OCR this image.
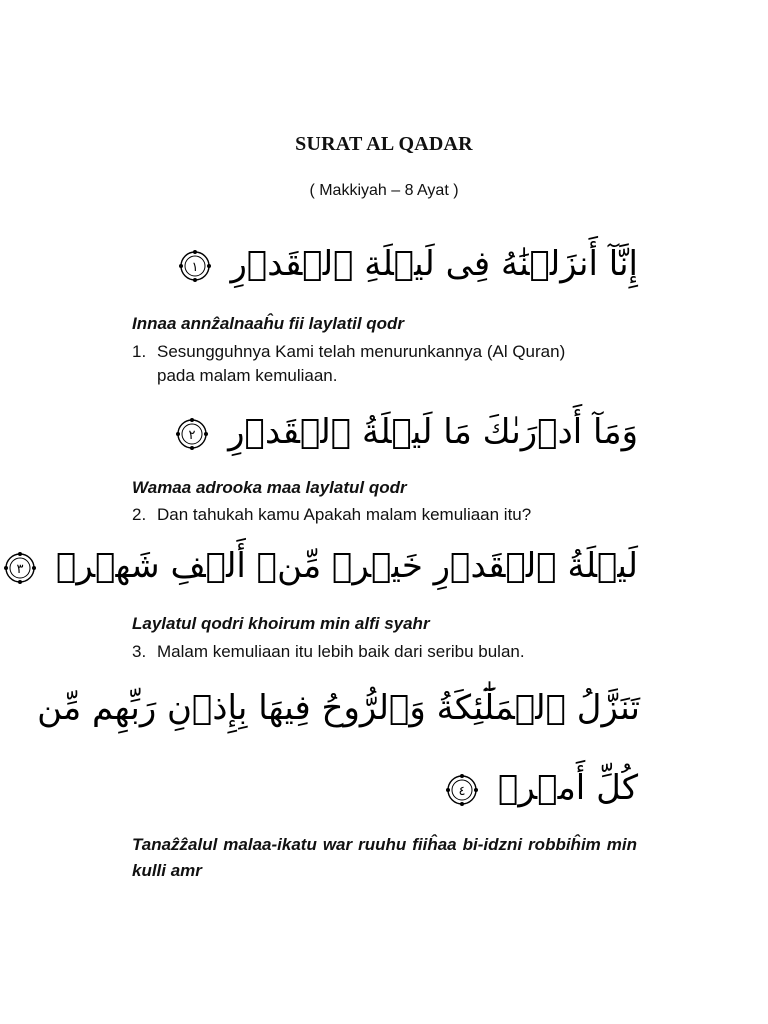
SURAT AL QADAR
( Makkiyah – 8 Ayat )
إِنَّآ أَنزَلۡنَٰهُ فِى لَيۡلَةِ ٱلۡقَدۡرِ
١
Innaa annẑalnaaĥu fii laylatil qodr
1. Sesungguhnya Kami telah menurunkannya (Al Quran)
pada malam kemuliaan.
وَمَآ أَدۡرَىٰكَ مَا لَيۡلَةُ ٱلۡقَدۡرِ
٢
Wamaa adrooka maa laylatul qodr
2. Dan tahukah kamu Apakah malam kemuliaan itu?
لَيۡلَةُ ٱلۡقَدۡرِ خَيۡرٞ مِّنۡ أَلۡفِ شَهۡرٖ
٣
Laylatul qodri khoirum min alfi syahr
3. Malam kemuliaan itu lebih baik dari seribu bulan.
تَنَزَّلُ ٱلۡمَلَٰٓئِكَةُ وَٱلرُّوحُ فِيهَا بِإِذۡنِ رَبِّهِم مِّن
كُلِّ أَمۡرٖ
٤
Tanaẑẑalul malaa-ikatu war ruuhu fiiĥaa bi-idzni robbiĥim min kulli amr
